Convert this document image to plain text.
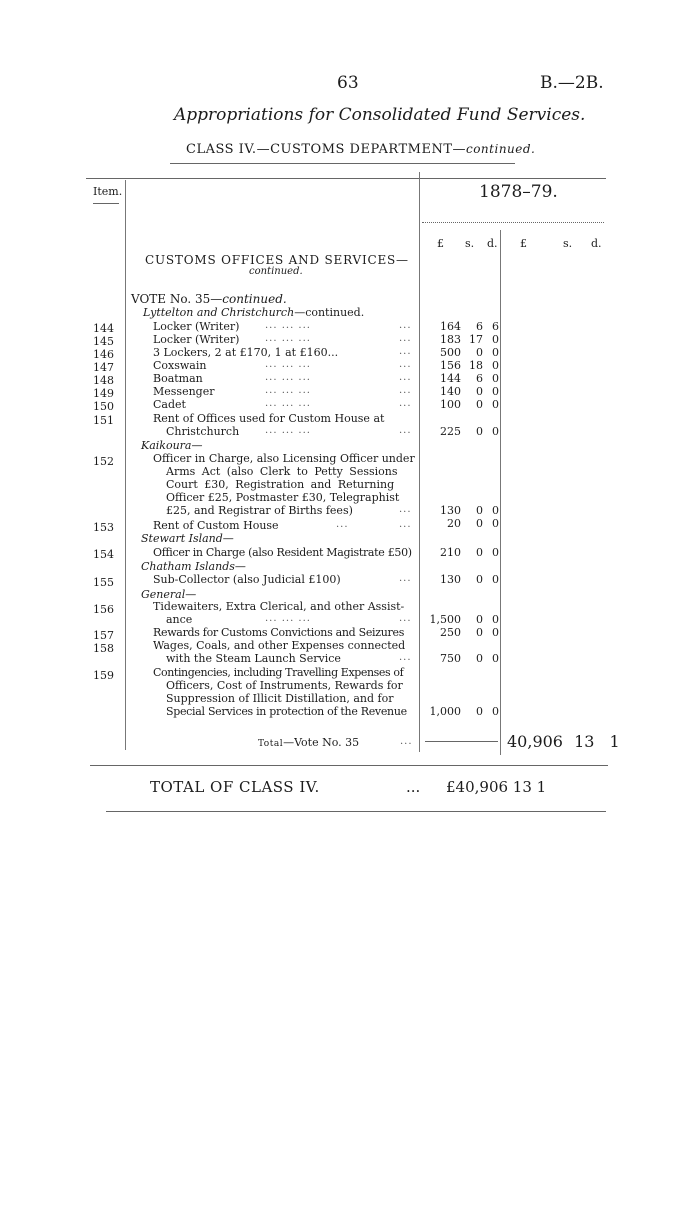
63	B.—2B.
Appropriations for Consolidated Fund Services.
CLASS IV.—CUSTOMS DEPARTMENT—continued.
Item.	1878–79.
£ s. d. £	s. d.
CUSTOMS OFFICES AND SERVICES—
continued.
VOTE No. 35—continued.
Lyttelton and Christchurch—continued.
144	Locker (Writer)	... ... ...	...	164	6 6
145	Locker (Writer)	... ... ...	...	183 17 0
146	3 Lockers, 2 at £170, 1 at £160...	...	500	0 0
147	Coxswain	... ... ...	...	156 18 0
148	Boatman	... ... ...	...	144	6 0
149	Messenger	... ... ...	...	140	0 0
150	Cadet	... ... ...	...	100	0 0
151	Rent of Offices used for Custom House at
Christchurch	... ... ...	...	225	0 0
Kaikoura—
152	Officer in Charge, also Licensing Officer under
Arms Act (also Clerk to Petty Sessions
Court £30, Registration and Returning
Officer £25, Postmaster £30, Telegraphist
£25, and Registrar of Births fees)	...	130	0 0
153	Rent of Custom House	...	...	20	0 0
Stewart Island—
154	Officer in Charge (also Resident Magistrate £50)	210	0 0
Chatham Islands—
155	Sub-Collector (also Judicial £100)	...	130	0 0
General—
156	Tidewaiters, Extra Clerical, and other Assist-
ance	... ... ...	...	1,500	0 0
157	Rewards for Customs Convictions and Seizures	250	0 0
158	Wages, Coals, and other Expenses connected
with the Steam Launch Service	...	750	0 0
159	Contingencies, including Travelling Expenses of
Officers, Cost of Instruments, Rewards for
Suppression of Illicit Distillation, and for
Special Services in protection of the Revenue	1,000	0 0
Total—Vote No. 35	...	40,906 13 1
TOTAL OF CLASS IV.	... £40,906 13 1
